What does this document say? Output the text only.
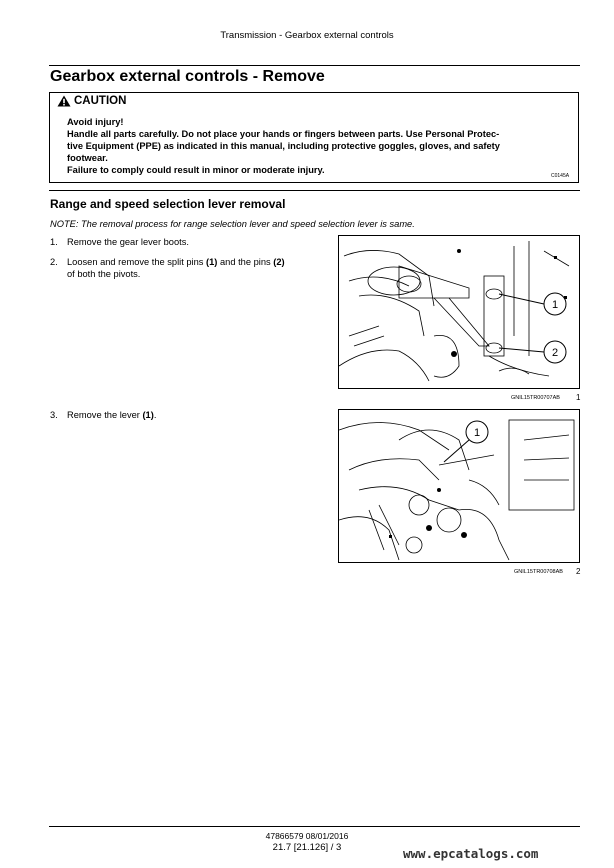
Transmission - Gearbox external controls
Gearbox external controls - Remove
CAUTION

Avoid injury!

Handle all parts carefully. Do not place your hands or fingers between parts. Use Personal Protec-

tive Equipment (PPE) as indicated in this manual, including protective goggles, gloves, and safety

footwear.

Failure to comply could result in minor or moderate injury.

C0145A
Range and speed selection lever removal
NOTE: The removal process for range selection lever and speed selection lever is same.
1. Remove the gear lever boots.
2. Loosen and remove the split pins (1) and the pins (2)
of both the pivots.
3. Remove the lever (1).
1
2
GNIL15TR00707AB 1
1
GNIL15TR00708AB 2
47866579 08/01/2016
21.7 [21.126] / 3	www.epcatalogs.com
